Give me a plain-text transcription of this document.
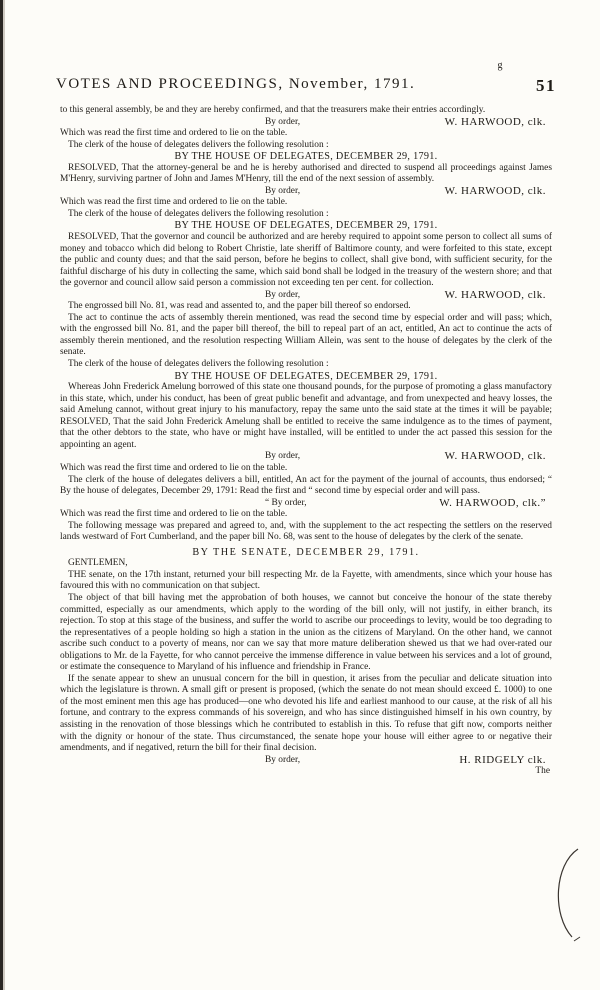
VOTES AND PROCEEDINGS, November, 1791.
g
51

to this general assembly, be and they are hereby confirmed, and that the treasurers make their entries accordingly.

By order,	W. HARWOOD, clk.

Which was read the first time and ordered to lie on the table.

The clerk of the house of delegates delivers the following resolution :

BY THE HOUSE OF DELEGATES, DECEMBER 29, 1791.

RESOLVED, That the attorney-general be and he is hereby authorised and directed to suspend all proceedings against James M'Henry, surviving partner of John and James M'Henry, till the end of the next session of assembly.

By order,	W. HARWOOD, clk.

Which was read the first time and ordered to lie on the table.

The clerk of the house of delegates delivers the following resolution :

BY THE HOUSE OF DELEGATES, DECEMBER 29, 1791.

RESOLVED, That the governor and council be authorized and are hereby required to appoint some person to collect all sums of money and tobacco which did belong to Robert Christie, late sheriff of Baltimore county, and were forfeited to this state, except the public and county dues; and that the said person, before he begins to collect, shall give bond, with sufficient security, for the faithful discharge of his duty in collecting the same, which said bond shall be lodged in the treasury of the western shore; and that the governor and council allow said person a commission not exceeding ten per cent. for collection.

By order,	W. HARWOOD, clk.

The engrossed bill No. 81, was read and assented to, and the paper bill thereof so endorsed.

The act to continue the acts of assembly therein mentioned, was read the second time by especial order and will pass; which, with the engrossed bill No. 81, and the paper bill thereof, the bill to repeal part of an act, entitled, An act to continue the acts of assembly therein mentioned, and the resolution respecting William Allein, was sent to the house of delegates by the clerk of the senate.

The clerk of the house of delegates delivers the following resolution :

BY THE HOUSE OF DELEGATES, DECEMBER 29, 1791.

Whereas John Frederick Amelung borrowed of this state one thousand pounds, for the purpose of promoting a glass manufactory in this state, which, under his conduct, has been of great public benefit and advantage, and from unexpected and heavy losses, the said Amelung cannot, without great injury to his manufactory, repay the same unto the said state at the times it will be payable; RESOLVED, That the said John Frederick Amelung shall be entitled to receive the same indulgence as to the times of payment, that the other debtors to the state, who have or might have installed, will be entitled to under the act passed this session for the appointing an agent.

By order,	W. HARWOOD, clk.

Which was read the first time and ordered to lie on the table.

The clerk of the house of delegates delivers a bill, entitled, An act for the payment of the journal of accounts, thus endorsed; “ By the house of delegates, December 29, 1791: Read the first and “ second time by especial order and will pass.

“ By order,	W. HARWOOD, clk.”

Which was read the first time and ordered to lie on the table.

The following message was prepared and agreed to, and, with the supplement to the act respecting the settlers on the reserved lands westward of Fort Cumberland, and the paper bill No. 68, was sent to the house of delegates by the clerk of the senate.

BY THE SENATE, DECEMBER 29, 1791.

GENTLEMEN,

THE senate, on the 17th instant, returned your bill respecting Mr. de la Fayette, with amendments, since which your house has favoured this with no communication on that subject.

The object of that bill having met the approbation of both houses, we cannot but conceive the honour of the state thereby committed, especially as our amendments, which apply to the wording of the bill only, will not justify, in either branch, its rejection. To stop at this stage of the business, and suffer the world to ascribe our proceedings to levity, would be too degrading to the representatives of a people holding so high a station in the union as the citizens of Maryland. On the other hand, we cannot ascribe such conduct to a poverty of means, nor can we say that more mature deliberation shewed us that we had over-rated our obligations to Mr. de la Fayette, for who cannot perceive the immense difference in value between his services and a lot of ground, or estimate the consequence to Maryland of his influence and friendship in France.

If the senate appear to shew an unusual concern for the bill in question, it arises from the peculiar and delicate situation into which the legislature is thrown. A small gift or present is proposed, (which the senate do not mean should exceed £. 1000) to one of the most eminent men this age has produced—one who devoted his life and earliest manhood to our cause, at the risk of all his fortune, and contrary to the express commands of his sovereign, and who has since distinguished himself in his own country, by assisting in the renovation of those blessings which he contributed to establish in this. To refuse that gift now, comports neither with the dignity or honour of the state. Thus circumstanced, the senate hope your house will either agree to or negative their amendments, and if negatived, return the bill for their final decision.

By order,	H. RIDGELY clk.

The
